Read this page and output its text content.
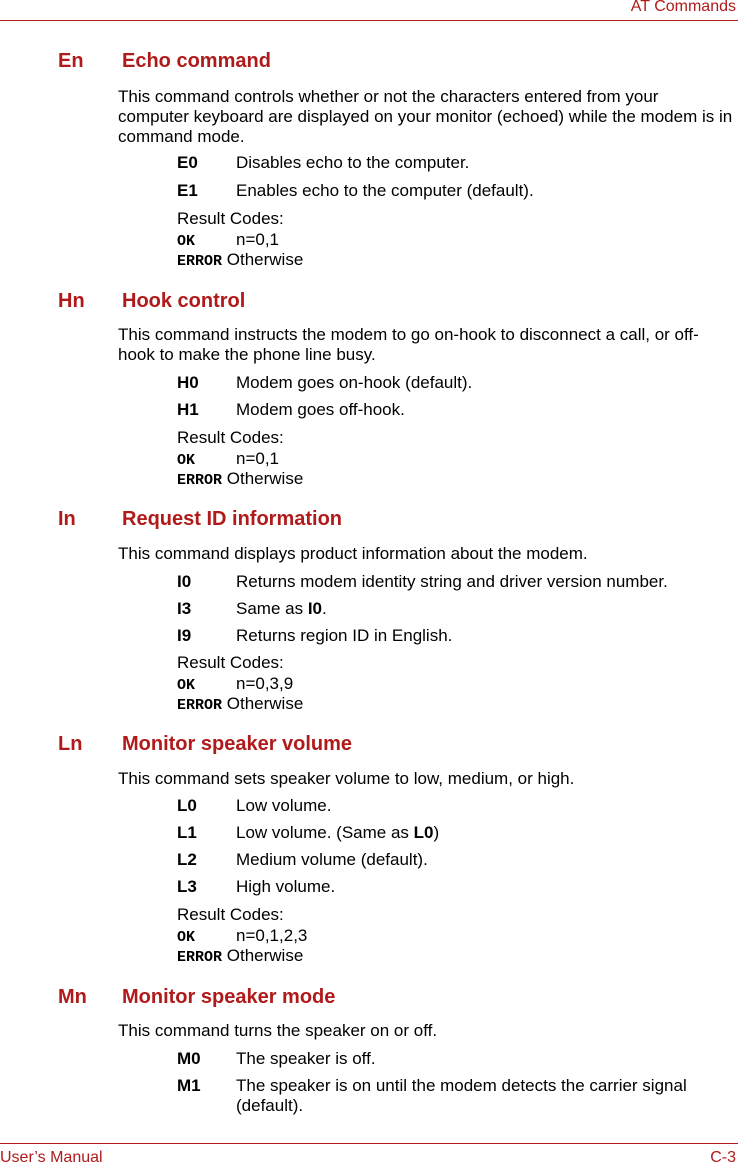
AT Commands
En Echo command
This command controls whether or not the characters entered from your computer keyboard are displayed on your monitor (echoed) while the modem is in command mode.
E0 Disables echo to the computer.
E1 Enables echo to the computer (default).
Result Codes:
OK n=0,1
ERROR Otherwise
Hn Hook control
This command instructs the modem to go on-hook to disconnect a call, or off-hook to make the phone line busy.
H0 Modem goes on-hook (default).
H1 Modem goes off-hook.
Result Codes:
OK n=0,1
ERROR Otherwise
In Request ID information
This command displays product information about the modem.
I0	Returns modem identity string and driver version number.
I3	Same as I0.
I9	Returns region ID in English.
Result Codes:
OK n=0,3,9
ERROR Otherwise
Ln Monitor speaker volume
This command sets speaker volume to low, medium, or high.
L0 Low volume.
L1 Low volume. (Same as L0)
L2 Medium volume (default).
L3 High volume.
Result Codes:
OK n=0,1,2,3
ERROR Otherwise
Mn Monitor speaker mode
This command turns the speaker on or off.
M0 The speaker is off.
M1 The speaker is on until the modem detects the carrier signal (default).
User’s Manual	C-3
